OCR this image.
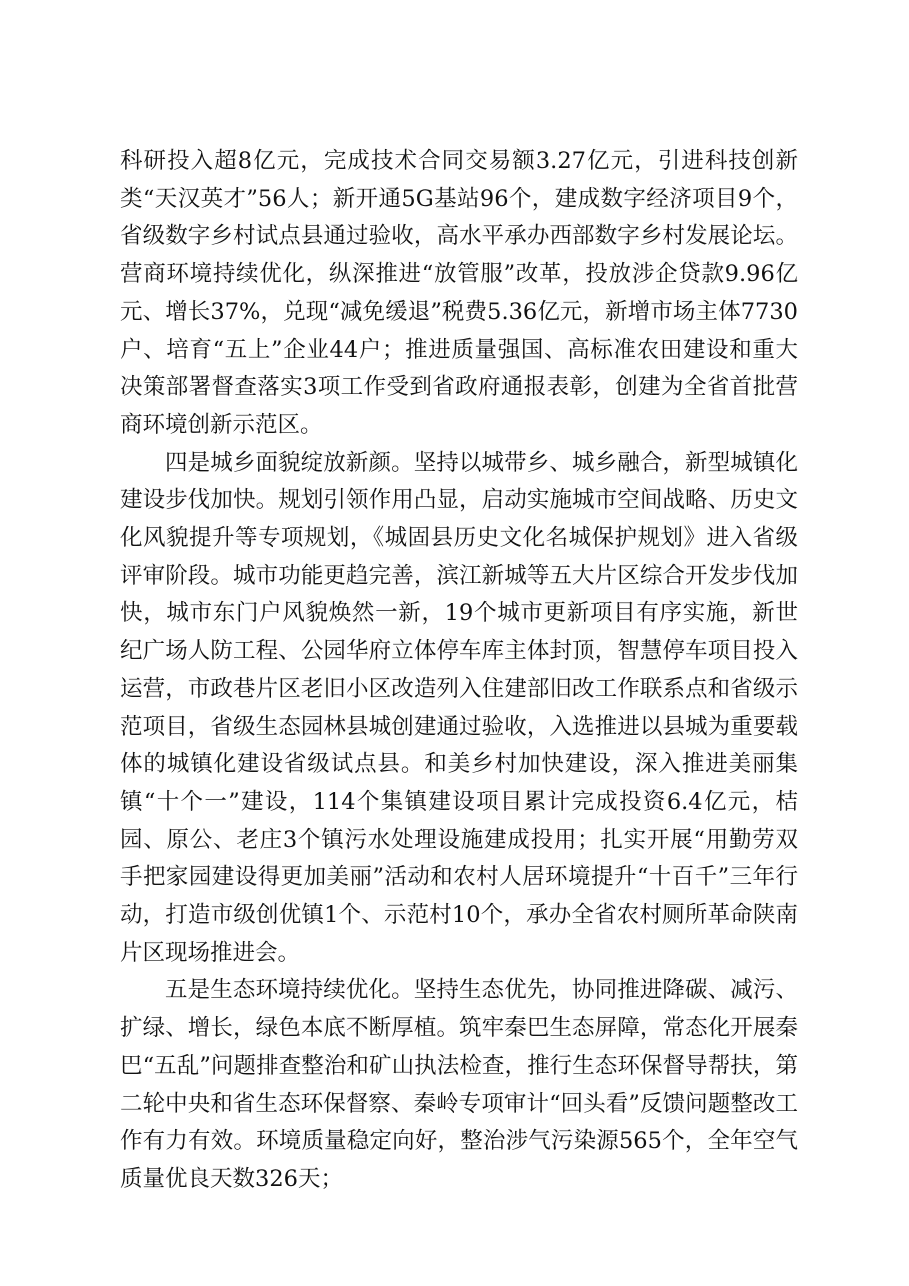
科研投入超8亿元，完成技术合同交易额3.27亿元，引进科技创新类“天汉英才”56人；新开通5G基站96个，建成数字经济项目9个，省级数字乡村试点县通过验收，高水平承办西部数字乡村发展论坛。营商环境持续优化，纵深推进“放管服”改革，投放涉企贷款9.96亿元、增长37%，兑现“减免缓退”税费5.36亿元，新增市场主体7730户、培育“五上”企业44户；推进质量强国、高标准农田建设和重大决策部署督查落实3项工作受到省政府通报表彰，创建为全省首批营商环境创新示范区。

四是城乡面貌绽放新颜。坚持以城带乡、城乡融合，新型城镇化建设步伐加快。规划引领作用凸显，启动实施城市空间战略、历史文化风貌提升等专项规划，《城固县历史文化名城保护规划》进入省级评审阶段。城市功能更趋完善，滨江新城等五大片区综合开发步伐加快，城市东门户风貌焕然一新，19个城市更新项目有序实施，新世纪广场人防工程、公园华府立体停车库主体封顶，智慧停车项目投入运营，市政巷片区老旧小区改造列入住建部旧改工作联系点和省级示范项目，省级生态园林县城创建通过验收，入选推进以县城为重要载体的城镇化建设省级试点县。和美乡村加快建设，深入推进美丽集镇“十个一”建设，114个集镇建设项目累计完成投资6.4亿元，桔园、原公、老庄3个镇污水处理设施建成投用；扎实开展“用勤劳双手把家园建设得更加美丽”活动和农村人居环境提升“十百千”三年行动，打造市级创优镇1个、示范村10个，承办全省农村厕所革命陕南片区现场推进会。

五是生态环境持续优化。坚持生态优先，协同推进降碳、减污、扩绿、增长，绿色本底不断厚植。筑牢秦巴生态屏障，常态化开展秦巴“五乱”问题排查整治和矿山执法检查，推行生态环保督导帮扶，第二轮中央和省生态环保督察、秦岭专项审计“回头看”反馈问题整改工作有力有效。环境质量稳定向好，整治涉气污染源565个，全年空气质量优良天数326天；
